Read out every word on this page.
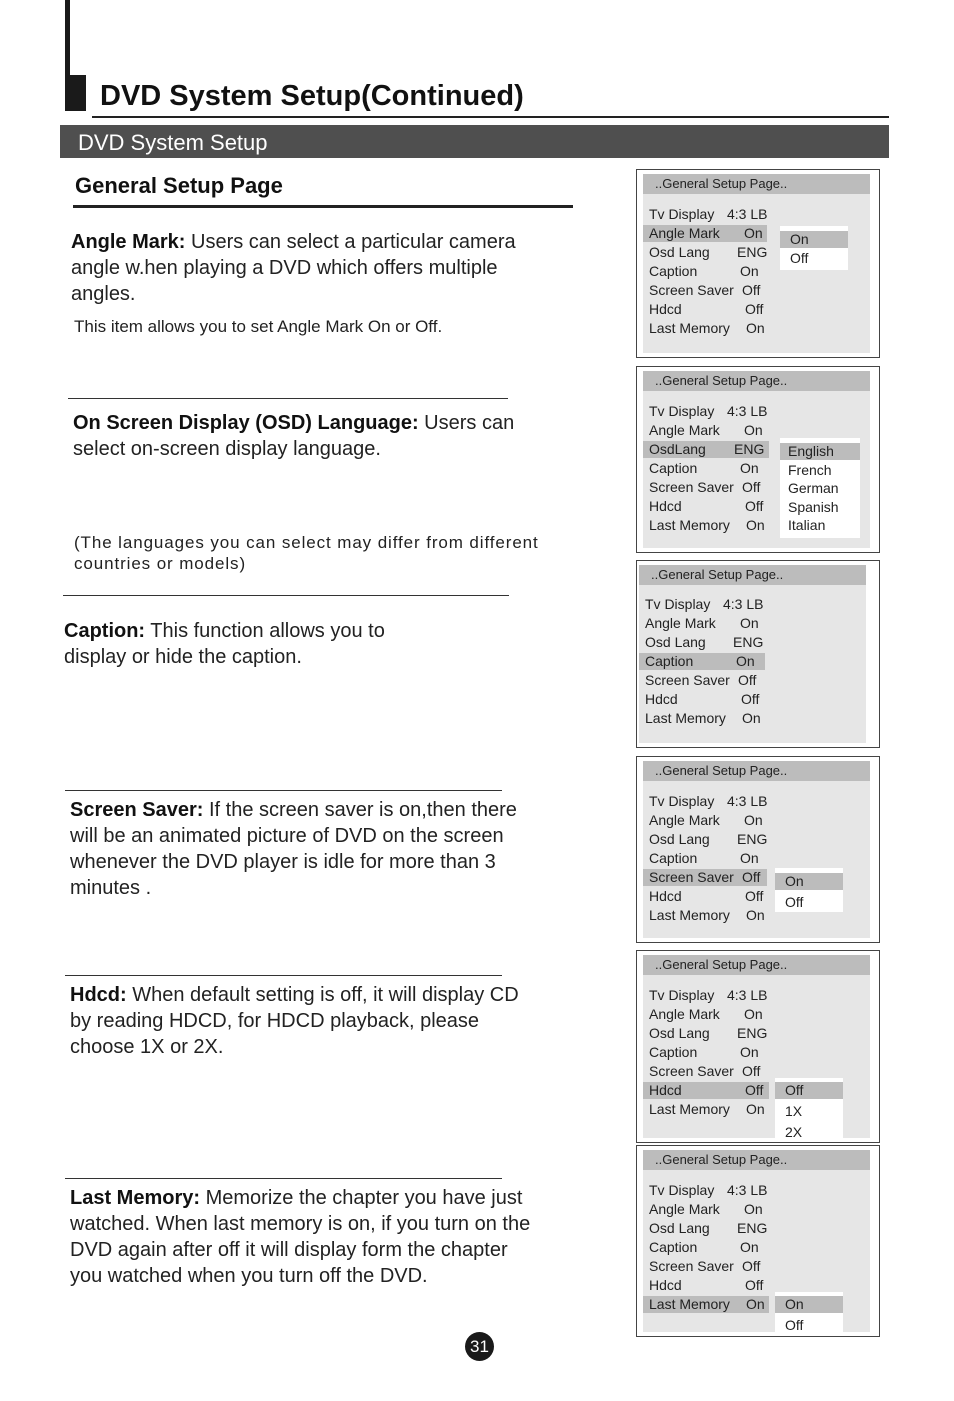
DVD System Setup(Continued)
DVD System Setup
General Setup Page
Angle Mark: Users can select a particular camera angle w.hen playing a DVD which offers multiple angles.
This item allows you to set Angle Mark On or Off.
On Screen Display (OSD) Language: Users can select on-screen display language.
(The languages you can select may differ from different countries or models)
Caption: This function allows you to display or hide the caption.
Screen Saver: If the screen saver is on,then there will be an animated picture of DVD on the screen whenever the DVD player is idle for more than 3 minutes .
Hdcd: When default setting is off, it will display CD by reading HDCD, for HDCD playback, please choose 1X or 2X.
Last Memory: Memorize the chapter you have just watched. When last memory is on, if you turn on the DVD again after off it will display form the chapter you watched when you turn off the DVD.
..General Setup Page..
Tv Display 4:3 LB
Angle Mark On
Osd Lang ENG
Caption	On
Screen Saver Off
Hdcd	Off
Last Memory On
On
Off
..General Setup Page..
Tv Display 4:3 LB
Angle Mark On
OsdLang ENG
Caption	On
Screen Saver Off
Hdcd	Off
Last Memory On
English
French
German
Spanish
Italian
..General Setup Page..
Tv Display 4:3 LB
Angle Mark On
Osd Lang ENG
Caption	On
Screen Saver Off
Hdcd	Off
Last Memory On
..General Setup Page..
Tv Display 4:3 LB
Angle Mark On
Osd Lang ENG
Caption	On
Screen Saver Off
Hdcd	Off
Last Memory On
On
Off
..General Setup Page..
Tv Display 4:3 LB
Angle Mark On
Osd Lang ENG
Caption	On
Screen Saver Off
Hdcd	Off
Last Memory On
Off
1X
2X
..General Setup Page..
Tv Display 4:3 LB
Angle Mark On
Osd Lang ENG
Caption	On
Screen Saver Off
Hdcd	Off
Last Memory On	On
Off
31
